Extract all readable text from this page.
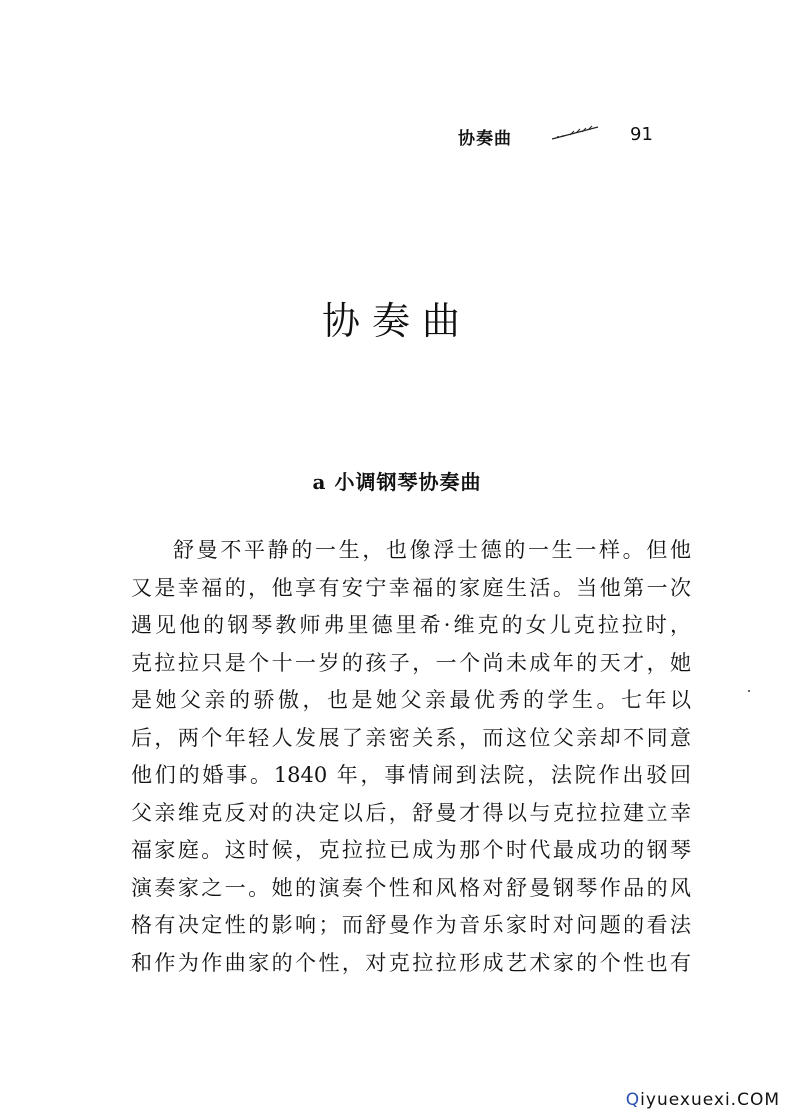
协奏曲	91
协奏曲
a 小调钢琴协奏曲
舒曼不平静的一生，也像浮士德的一生一样。但他
又是幸福的，他享有安宁幸福的家庭生活。当他第一次
遇见他的钢琴教师弗里德里希·维克的女儿克拉拉时，
克拉拉只是个十一岁的孩子，一个尚未成年的天才，她
是她父亲的骄傲，也是她父亲最优秀的学生。七年以
后，两个年轻人发展了亲密关系，而这位父亲却不同意
他们的婚事。1840 年，事情闹到法院，法院作出驳回
父亲维克反对的决定以后，舒曼才得以与克拉拉建立幸
福家庭。这时候，克拉拉已成为那个时代最成功的钢琴
演奏家之一。她的演奏个性和风格对舒曼钢琴作品的风
格有决定性的影响；而舒曼作为音乐家时对问题的看法
和作为作曲家的个性，对克拉拉形成艺术家的个性也有
Qiyuexuexi.COM
